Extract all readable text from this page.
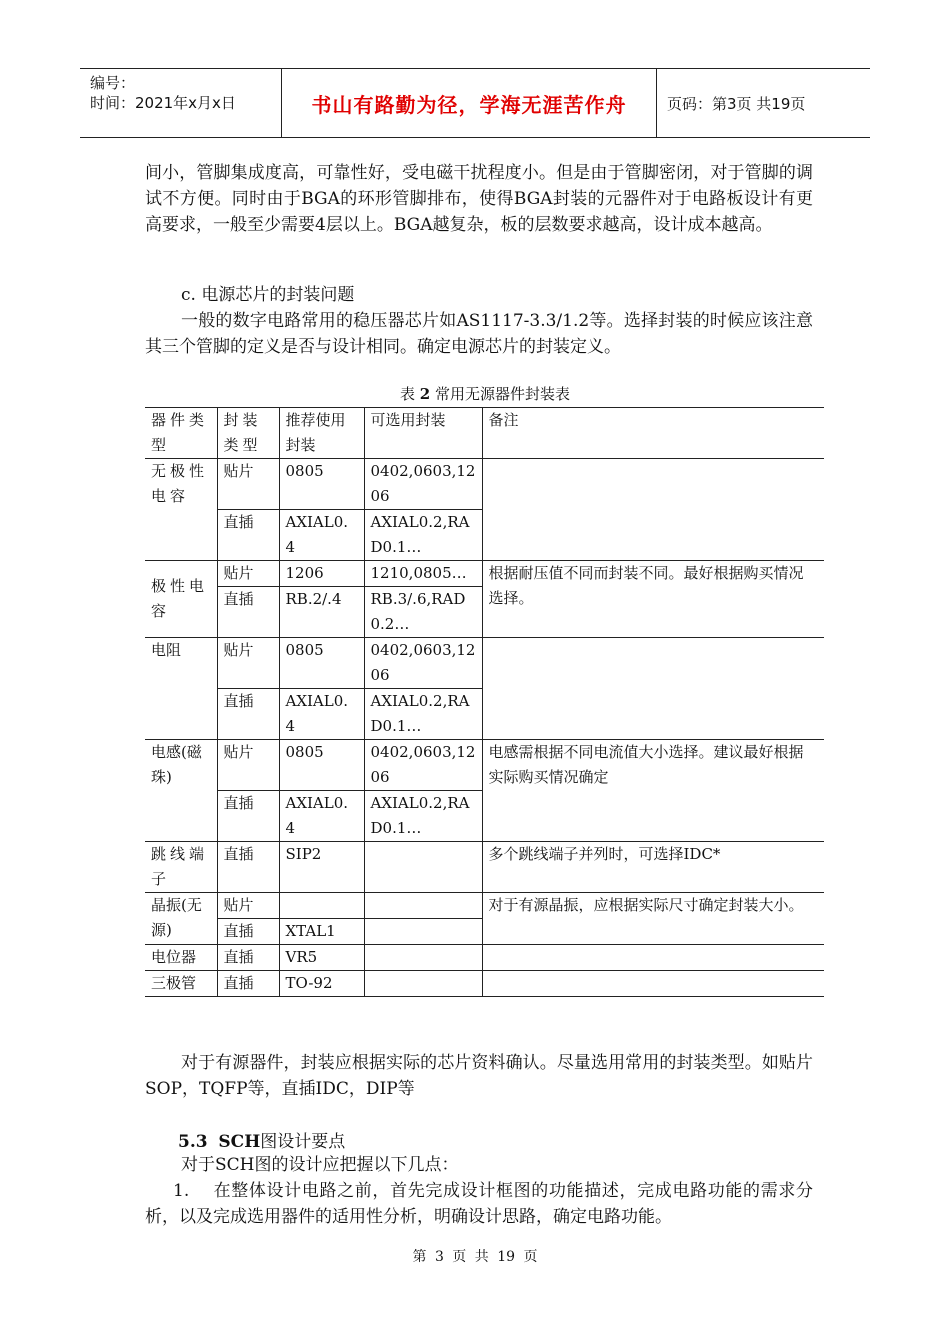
编号：
时间：2021年x月x日	书山有路勤为径，学海无涯苦作舟	页码：第3页 共19页

间小，管脚集成度高，可靠性好，受电磁干扰程度小。但是由于管脚密闭，对于管脚的调试不方便。同时由于BGA的环形管脚排布，使得BGA封装的元器件对于电路板设计有更高要求，一般至少需要4层以上。BGA越复杂，板的层数要求越高，设计成本越高。

c. 电源芯片的封装问题

一般的数字电路常用的稳压器芯片如AS1117-3.3/1.2等。选择封装的时候应该注意其三个管脚的定义是否与设计相同。确定电源芯片的封装定义。

表 2 常用无源器件封装表
器件类型	封装类型	推荐使用封装	可选用封装	备注
无极性电容	贴片	0805	0402,0603,1206	
	直插	AXIAL0.4	AXIAL0.2,RAD0.1…	
极性电容	贴片	1206	1210,0805…	根据耐压值不同而封装不同。最好根据购买情况选择。
	直插	RB.2/.4	RB.3/.6,RAD0.2…	
电阻	贴片	0805	0402,0603,1206	
	直插	AXIAL0.4	AXIAL0.2,RAD0.1…	
电感(磁珠)	贴片	0805	0402,0603,1206	电感需根据不同电流值大小选择。建议最好根据实际购买情况确定
	直插	AXIAL0.4	AXIAL0.2,RAD0.1…	
跳线端子	直插	SIP2		多个跳线端子并列时，可选择IDC*
晶振(无源)	贴片			对于有源晶振，应根据实际尺寸确定封装大小。
	直插	XTAL1		
电位器	直插	VR5		
三极管	直插	TO-92		

对于有源器件，封装应根据实际的芯片资料确认。尽量选用常用的封装类型。如贴片SOP，TQFP等，直插IDC，DIP等

5.3 SCH图设计要点

对于SCH图的设计应把握以下几点：

1.　 在整体设计电路之前，首先完成设计框图的功能描述，完成电路功能的需求分析，以及完成选用器件的适用性分析，明确设计思路，确定电路功能。

第 3 页 共 19 页
